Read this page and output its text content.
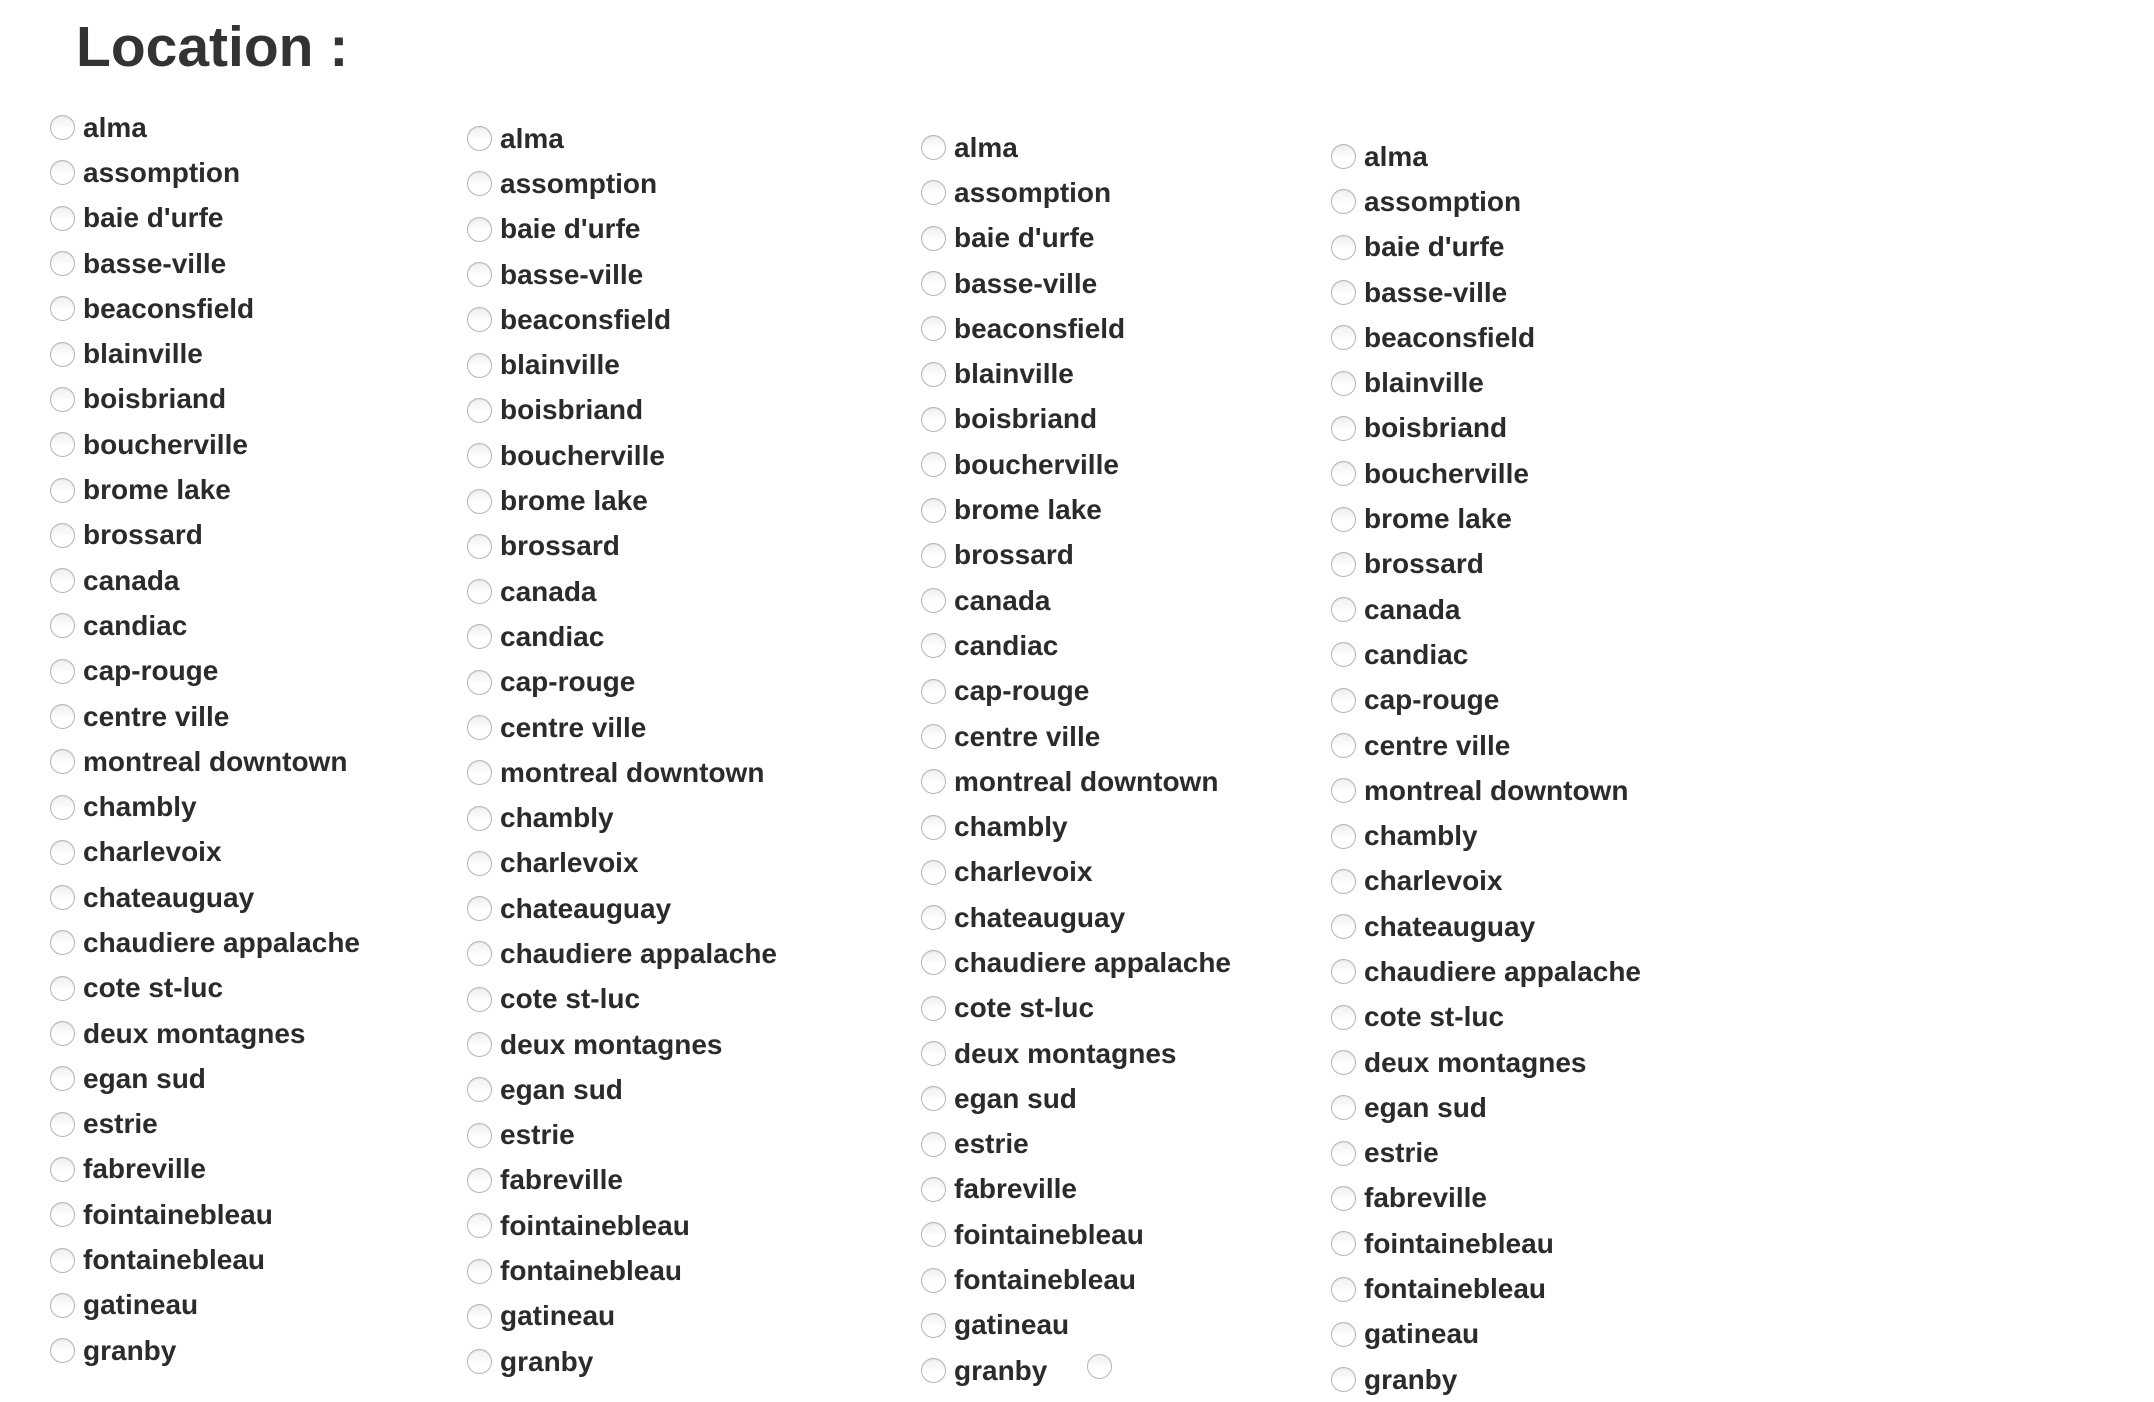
Location :
alma
assomption
baie d'urfe
basse-ville
beaconsfield
blainville
boisbriand
boucherville
brome lake
brossard
canada
candiac
cap-rouge
centre ville
montreal downtown
chambly
charlevoix
chateauguay
chaudiere appalache
cote st-luc
deux montagnes
egan sud
estrie
fabreville
fointainebleau
fontainebleau
gatineau
granby
alma
assomption
baie d'urfe
basse-ville
beaconsfield
blainville
boisbriand
boucherville
brome lake
brossard
canada
candiac
cap-rouge
centre ville
montreal downtown
chambly
charlevoix
chateauguay
chaudiere appalache
cote st-luc
deux montagnes
egan sud
estrie
fabreville
fointainebleau
fontainebleau
gatineau
granby
alma
assomption
baie d'urfe
basse-ville
beaconsfield
blainville
boisbriand
boucherville
brome lake
brossard
canada
candiac
cap-rouge
centre ville
montreal downtown
chambly
charlevoix
chateauguay
chaudiere appalache
cote st-luc
deux montagnes
egan sud
estrie
fabreville
fointainebleau
fontainebleau
gatineau
granby
alma
assomption
baie d'urfe
basse-ville
beaconsfield
blainville
boisbriand
boucherville
brome lake
brossard
canada
candiac
cap-rouge
centre ville
montreal downtown
chambly
charlevoix
chateauguay
chaudiere appalache
cote st-luc
deux montagnes
egan sud
estrie
fabreville
fointainebleau
fontainebleau
gatineau
granby
